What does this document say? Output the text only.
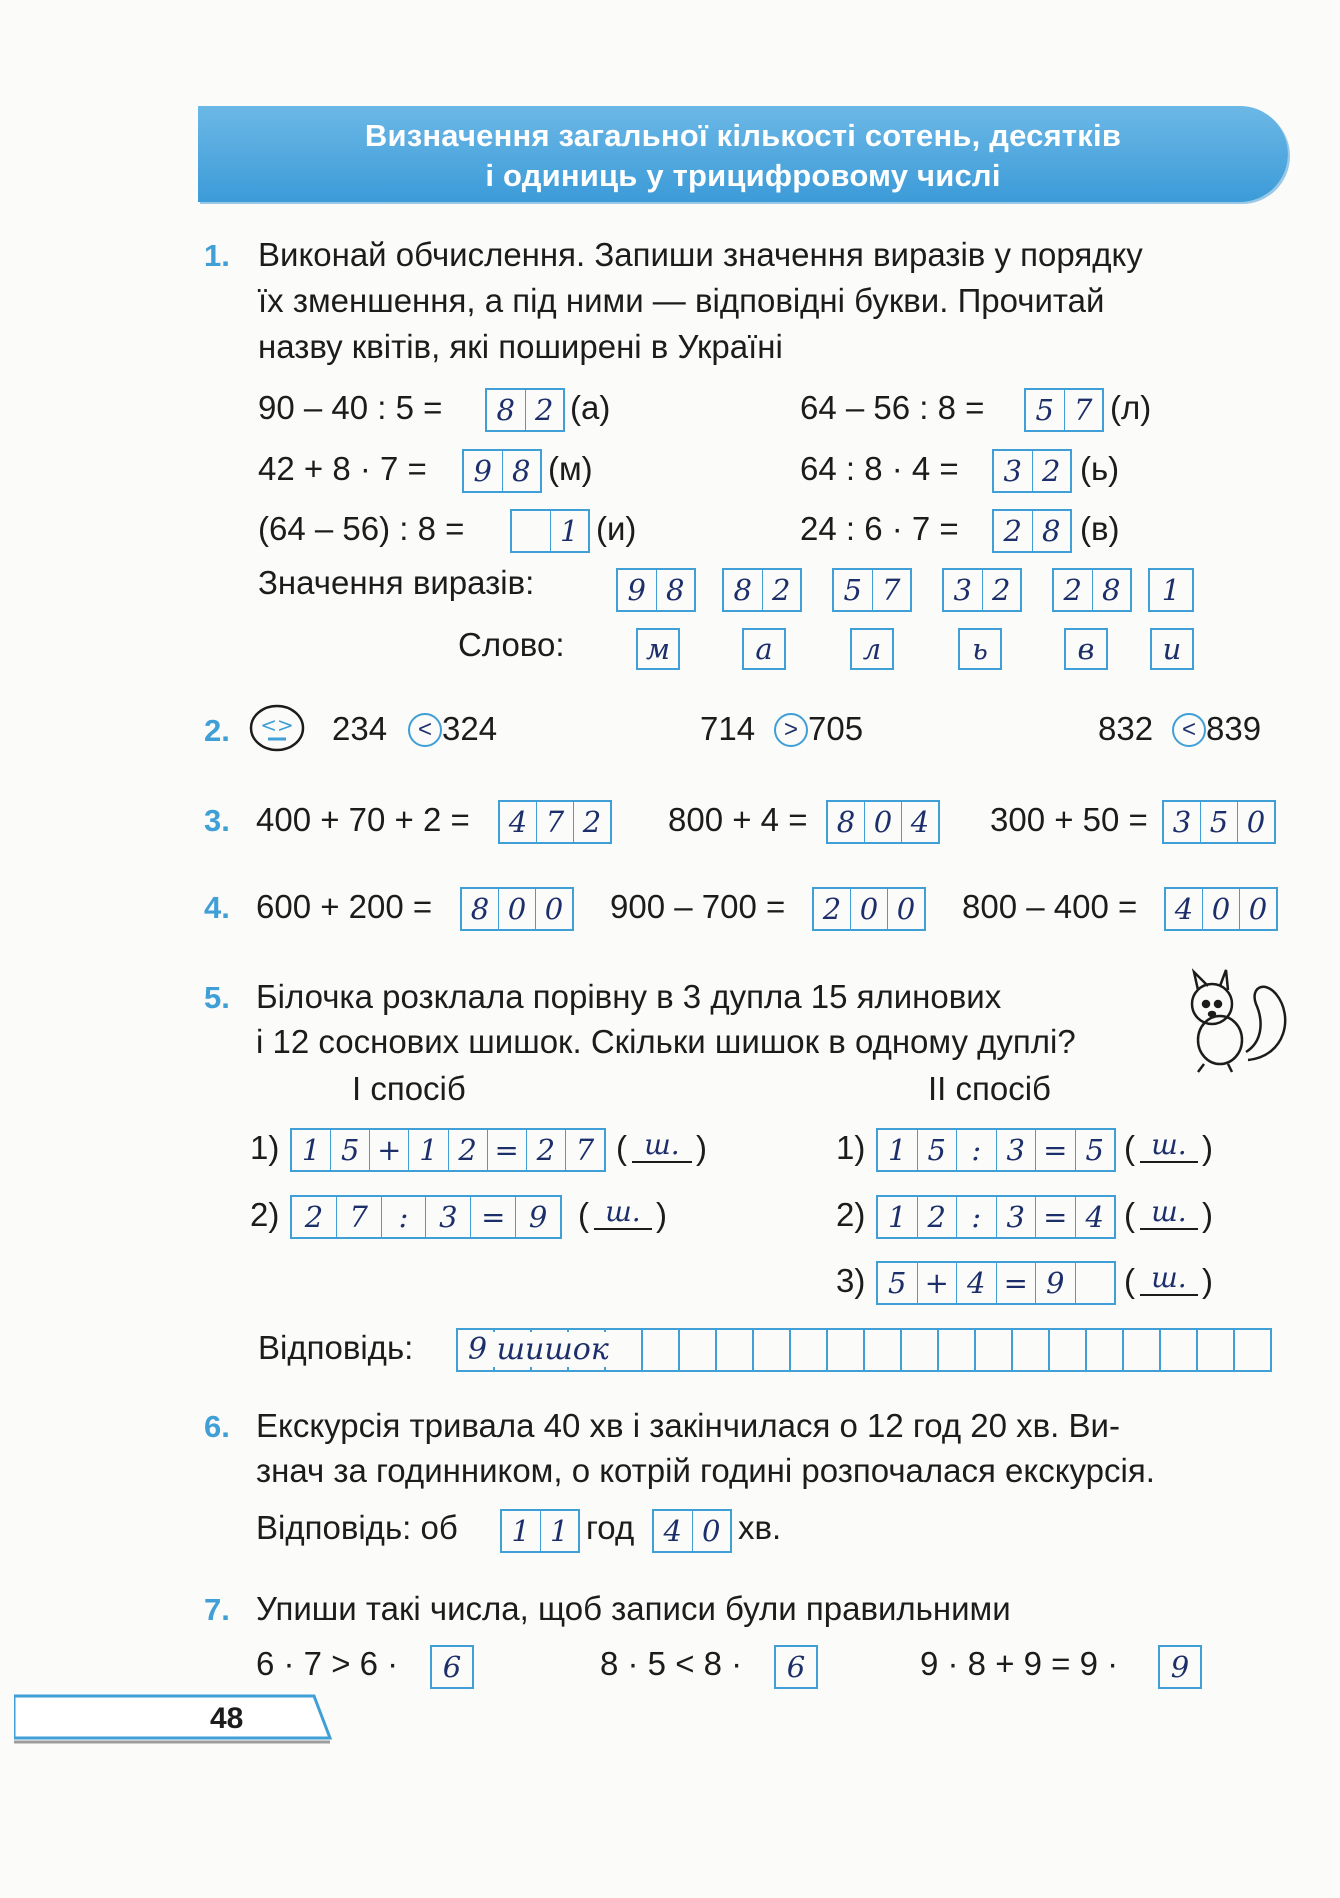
Визначення загальної кількості сотень, десятків
і одиниць у трицифровому числі
1. Виконай обчислення. Запиши значення виразів у порядку
їх зменшення, а під ними — відповідні букви. Прочитай
назву квітів, які поширені в Україні
90 – 40 : 5 =	8 2 (а)	64 – 56 : 8 =	5 7 (л)
42 + 8 · 7 =	9 8 (м)	64 : 8 · 4 =	3 2 (ь)
(64 – 56) : 8 =	1 (и)	24 : 6 · 7 =	2 8 (в)
Значення виразів:	9 8	8 2	5 7	3 2	2 8	1
Слово:	м	а	л	ь	в	и
2. <> 234	< 324	714	> 705	832	< 839
3. 400 + 70 + 2 =	4 7 2 800 + 4 =	8 0 4 300 + 50 = 3 5 0
4. 600 + 200 =	8 0 0 900 – 700 =	2 0 0 800 – 400 =	4 0 0
5. Білочка розклала порівну в 3 дупла 15 ялинових
і 12 соснових шишок. Скільки шишок в одному дуплі?
І спосіб	ІІ спосіб
1) 1 5 + 1 2 = 2 7 ( ш. )
2) 2 7	:	3 = 9 ( ш. )
1) 1 5 : 3 = 5 ( ш. )
2) 1 2 : 3 = 4 ( ш. )
3) 5 + 4 = 9	( ш. )
Відповідь: 9 шишок
6. Екскурсія тривала 40 хв і закінчилася о 12 год 20 хв. Ви-
знач за годинником, о котрій годині розпочалася екскурсія.
Відповідь: об	1 1 год	4 0 хв.
7. Упиши такі числа, щоб записи були правильними
6 · 7 > 6 ·	6	8 · 5 < 8 ·	6	9 · 8 + 9 = 9 ·	9
48
